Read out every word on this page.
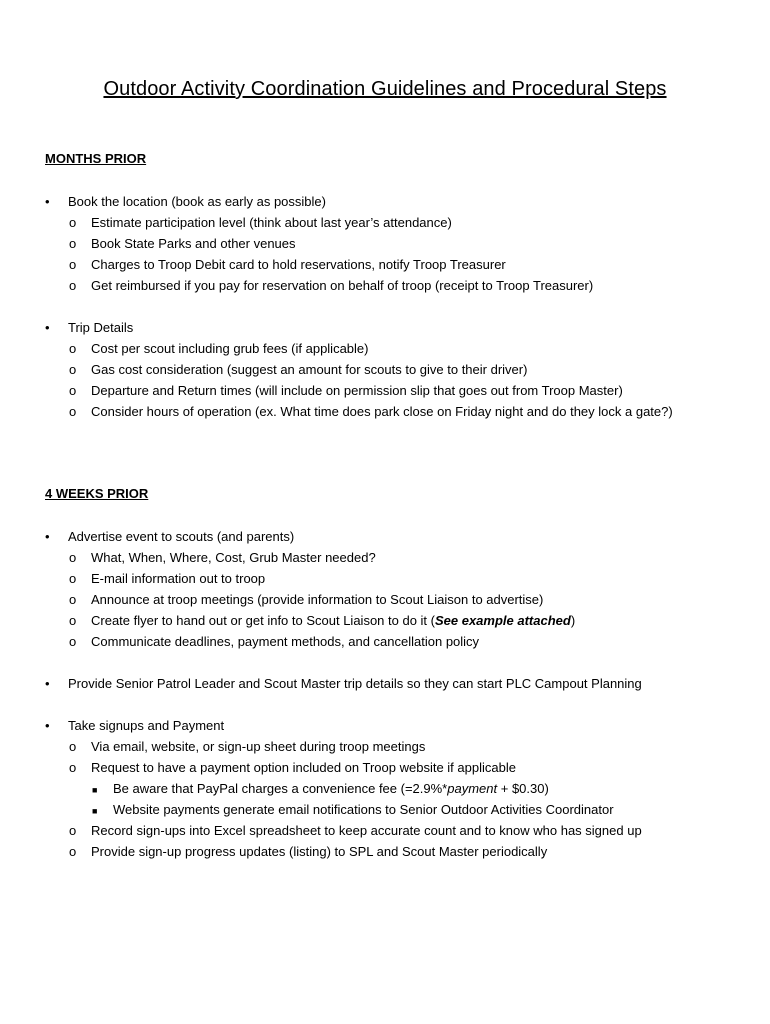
Outdoor Activity Coordination Guidelines and Procedural Steps
MONTHS PRIOR
• Book the location (book as early as possible)
o Estimate participation level (think about last year’s attendance)
o Book State Parks and other venues
o Charges to Troop Debit card to hold reservations, notify Troop Treasurer
o Get reimbursed if you pay for reservation on behalf of troop (receipt to Troop Treasurer)
• Trip Details
o Cost per scout including grub fees (if applicable)
o Gas cost consideration (suggest an amount for scouts to give to their driver)
o Departure and Return times (will include on permission slip that goes out from Troop Master)
o Consider hours of operation (ex. What time does park close on Friday night and do they lock a gate?)
4 WEEKS PRIOR
• Advertise event to scouts (and parents)
o What, When, Where, Cost, Grub Master needed?
o E-mail information out to troop
o Announce at troop meetings (provide information to Scout Liaison to advertise)
o Create flyer to hand out or get info to Scout Liaison to do it (See example attached)
o Communicate deadlines, payment methods, and cancellation policy
• Provide Senior Patrol Leader and Scout Master trip details so they can start PLC Campout Planning
• Take signups and Payment
o Via email, website, or sign-up sheet during troop meetings
o Request to have a payment option included on Troop website if applicable
■ Be aware that PayPal charges a convenience fee (=2.9%*payment + $0.30)
■ Website payments generate email notifications to Senior Outdoor Activities Coordinator
o Record sign-ups into Excel spreadsheet to keep accurate count and to know who has signed up
o Provide sign-up progress updates (listing) to SPL and Scout Master periodically
